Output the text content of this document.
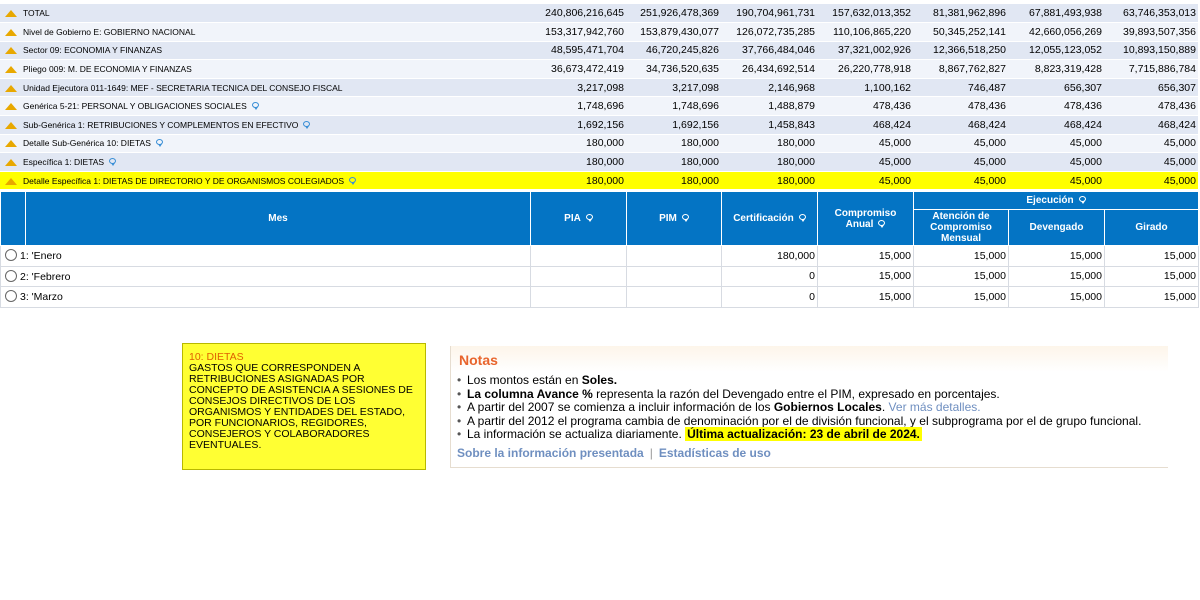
TOTAL	240,806,216,645	251,926,478,369	190,704,961,731	157,632,013,352	81,381,962,896	67,881,493,938	63,746,353,013
Nivel de Gobierno E: GOBIERNO NACIONAL	153,317,942,760	153,879,430,077	126,072,735,285	110,106,865,220	50,345,252,141	42,660,056,269	39,893,507,356
Sector 09: ECONOMIA Y FINANZAS	48,595,471,704	46,720,245,826	37,766,484,046	37,321,002,926	12,366,518,250	12,055,123,052	10,893,150,889
Pliego 009: M. DE ECONOMIA Y FINANZAS	36,673,472,419	34,736,520,635	26,434,692,514	26,220,778,918	8,867,762,827	8,823,319,428	7,715,886,784
Unidad Ejecutora 011-1649: MEF - SECRETARIA TECNICA DEL CONSEJO FISCAL	3,217,098	3,217,098	2,146,968	1,100,162	746,487	656,307	656,307
Genérica 5-21: PERSONAL Y OBLIGACIONES SOCIALES	1,748,696	1,748,696	1,488,879	478,436	478,436	478,436	478,436
Sub-Genérica 1: RETRIBUCIONES Y COMPLEMENTOS EN EFECTIVO	1,692,156	1,692,156	1,458,843	468,424	468,424	468,424	468,424
Detalle Sub-Genérica 10: DIETAS	180,000	180,000	180,000	45,000	45,000	45,000	45,000
Específica 1: DIETAS	180,000	180,000	180,000	45,000	45,000	45,000	45,000
Detalle Específica 1: DIETAS DE DIRECTORIO Y DE ORGANISMOS COLEGIADOS	180,000	180,000	180,000	45,000	45,000	45,000	45,000
	Mes	PIA	PIM	Certificación	Compromiso Anual	Ejecución		
						Atención de Compromiso Mensual	Devengado	Girado
1: 'Enero				180,000	15,000	15,000	15,000	15,000
2: 'Febrero				0	15,000	15,000	15,000	15,000
3: 'Marzo				0	15,000	15,000	15,000	15,000
10: DIETAS
GASTOS QUE CORRESPONDEN A RETRIBUCIONES ASIGNADAS POR CONCEPTO DE ASISTENCIA A SESIONES DE CONSEJOS DIRECTIVOS DE LOS ORGANISMOS Y ENTIDADES DEL ESTADO, POR FUNCIONARIOS, REGIDORES, CONSEJEROS Y COLABORADORES EVENTUALES.
Notas
• Los montos están en Soles.
• La columna Avance % representa la razón del Devengado entre el PIM, expresado en porcentajes.
• A partir del 2007 se comienza a incluir información de los Gobiernos Locales. Ver más detalles.
• A partir del 2012 el programa cambia de denominación por el de división funcional, y el subprograma por el de grupo funcional.
• La información se actualiza diariamente. Última actualización: 23 de abril de 2024.
Sobre la información presentada | Estadísticas de uso
